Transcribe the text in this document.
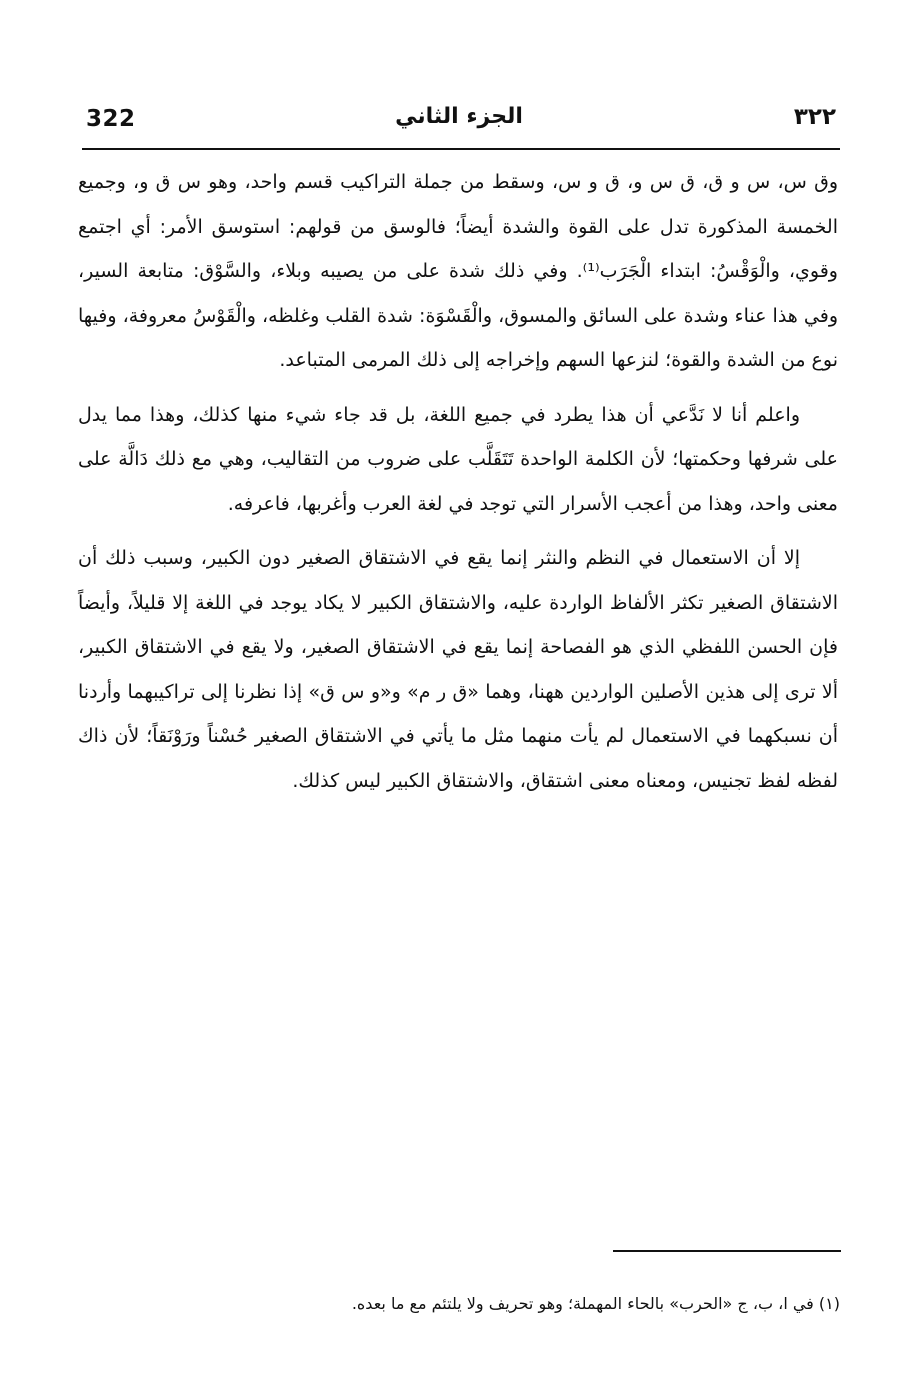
322	الجزء الثاني	٣٢٢

وق س، س و ق، ق س و، ق و س، وسقط من جملة التراكيب قسم واحد، وهو س ق و، وجميع الخمسة المذكورة تدل على القوة والشدة أيضاً؛ فالوسق من قولهم: استوسق الأمر: أي اجتمع وقوي، والْوَقْسُ: ابتداء الْجَرَب⁽¹⁾. وفي ذلك شدة على من يصيبه وبلاء، والسَّوْق: متابعة السير، وفي هذا عناء وشدة على السائق والمسوق، والْقَسْوَة: شدة القلب وغلظه، والْقَوْسُ معروفة، وفيها نوع من الشدة والقوة؛ لنزعها السهم وإخراجه إلى ذلك المرمى المتباعد.

واعلم أنا لا نَدَّعي أن هذا يطرد في جميع اللغة، بل قد جاء شيء منها كذلك، وهذا مما يدل على شرفها وحكمتها؛ لأن الكلمة الواحدة تَتَقَلَّب على ضروب من التقاليب، وهي مع ذلك دَالَّة على معنى واحد، وهذا من أعجب الأسرار التي توجد في لغة العرب وأغربها، فاعرفه.

إلا أن الاستعمال في النظم والنثر إنما يقع في الاشتقاق الصغير دون الكبير، وسبب ذلك أن الاشتقاق الصغير تكثر الألفاظ الواردة عليه، والاشتقاق الكبير لا يكاد يوجد في اللغة إلا قليلاً، وأيضاً فإن الحسن اللفظي الذي هو الفصاحة إنما يقع في الاشتقاق الصغير، ولا يقع في الاشتقاق الكبير، ألا ترى إلى هذين الأصلين الواردين ههنا، وهما «ق ر م» و«و س ق» إذا نظرنا إلى تراكيبهما وأردنا أن نسبكهما في الاستعمال لم يأت منهما مثل ما يأتي في الاشتقاق الصغير حُسْناً ورَوْنَقاً؛ لأن ذاك لفظه لفظ تجنيس، ومعناه معنى اشتقاق، والاشتقاق الكبير ليس كذلك.

(١) في ا، ب، ج «الحرب» بالحاء المهملة؛ وهو تحريف ولا يلتئم مع ما بعده.
